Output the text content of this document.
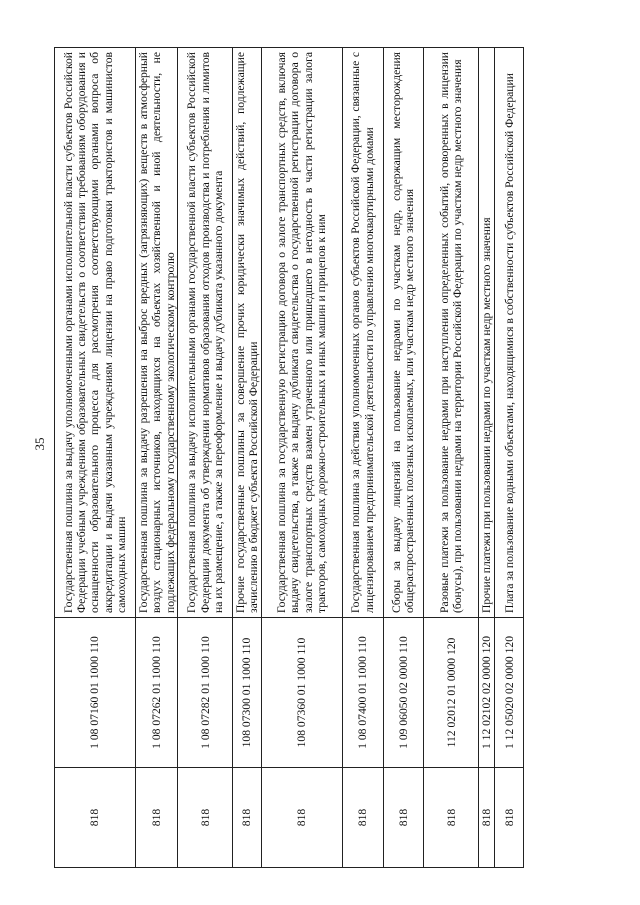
35
818	1 08 07160 01 1000 110	Государственная пошлина за выдачу уполномоченными органами исполнительной власти субъектов Российской Федерации учебным учреждениям образовательных свидетельств о соответствии требованиям оборудования и оснащенности образовательного процесса для рассмотрения соответствующими органами вопроса об аккредитации и выдачи указанным учреждениям лицензии на право подготовки трактористов и машинистов самоходных машин
818	1 08 07262 01 1000 110	Государственная пошлина за выдачу разрешения на выброс вредных (загрязняющих) веществ в атмосферный воздух стационарных источников, находящихся на объектах хозяйственной и иной деятельности, не подлежащих федеральному государственному экологическому контролю
818	1 08 07282 01 1000 110	Государственная пошлина за выдачу исполнительными органами государственной власти субъектов Российской Федерации документа об утверждении нормативов образования отходов производства и потребления и лимитов на их размещение, а также за переоформление и выдачу дубликата указанного документа
818	108 07300 01 1000 110	Прочие государственные пошлины за совершение прочих юридически значимых действий, подлежащие зачислению в бюджет субъекта Российской Федерации
818	108 07360 01 1000 110	Государственная пошлина за государственную регистрацию договора о залоге транспортных средств, включая выдачу свидетельства, а также за выдачу дубликата свидетельства о государственной регистрации договора о залоге транспортных средств взамен утраченного или пришедшего в негодность в части регистрации залога тракторов, самоходных дорожно-строительных и иных машин и прицепов к ним
818	1 08 07400 01 1000 110	Государственная пошлина за действия уполномоченных органов субъектов Российской Федерации, связанные с лицензированием предпринимательской деятельности по управлению многоквартирными домами
818	1 09 06050 02 0000 110	Сборы за выдачу лицензий на пользование недрами по участкам недр, содержащим месторождения общераспространенных полезных ископаемых, или участкам недр местного значения
818	112 02012 01 0000 120	Разовые платежи за пользование недрами при наступлении определенных событий, оговоренных в лицензии (бонусы), при пользовании недрами на территории Российской Федерации по участкам недр местного значения
818	1 12 02102 02 0000 120	Прочие платежи при пользовании недрами по участкам недр местного значения
818	1 12 05020 02 0000 120	Плата за пользование водными объектами, находящимися в собственности субъектов Российской Федерации
